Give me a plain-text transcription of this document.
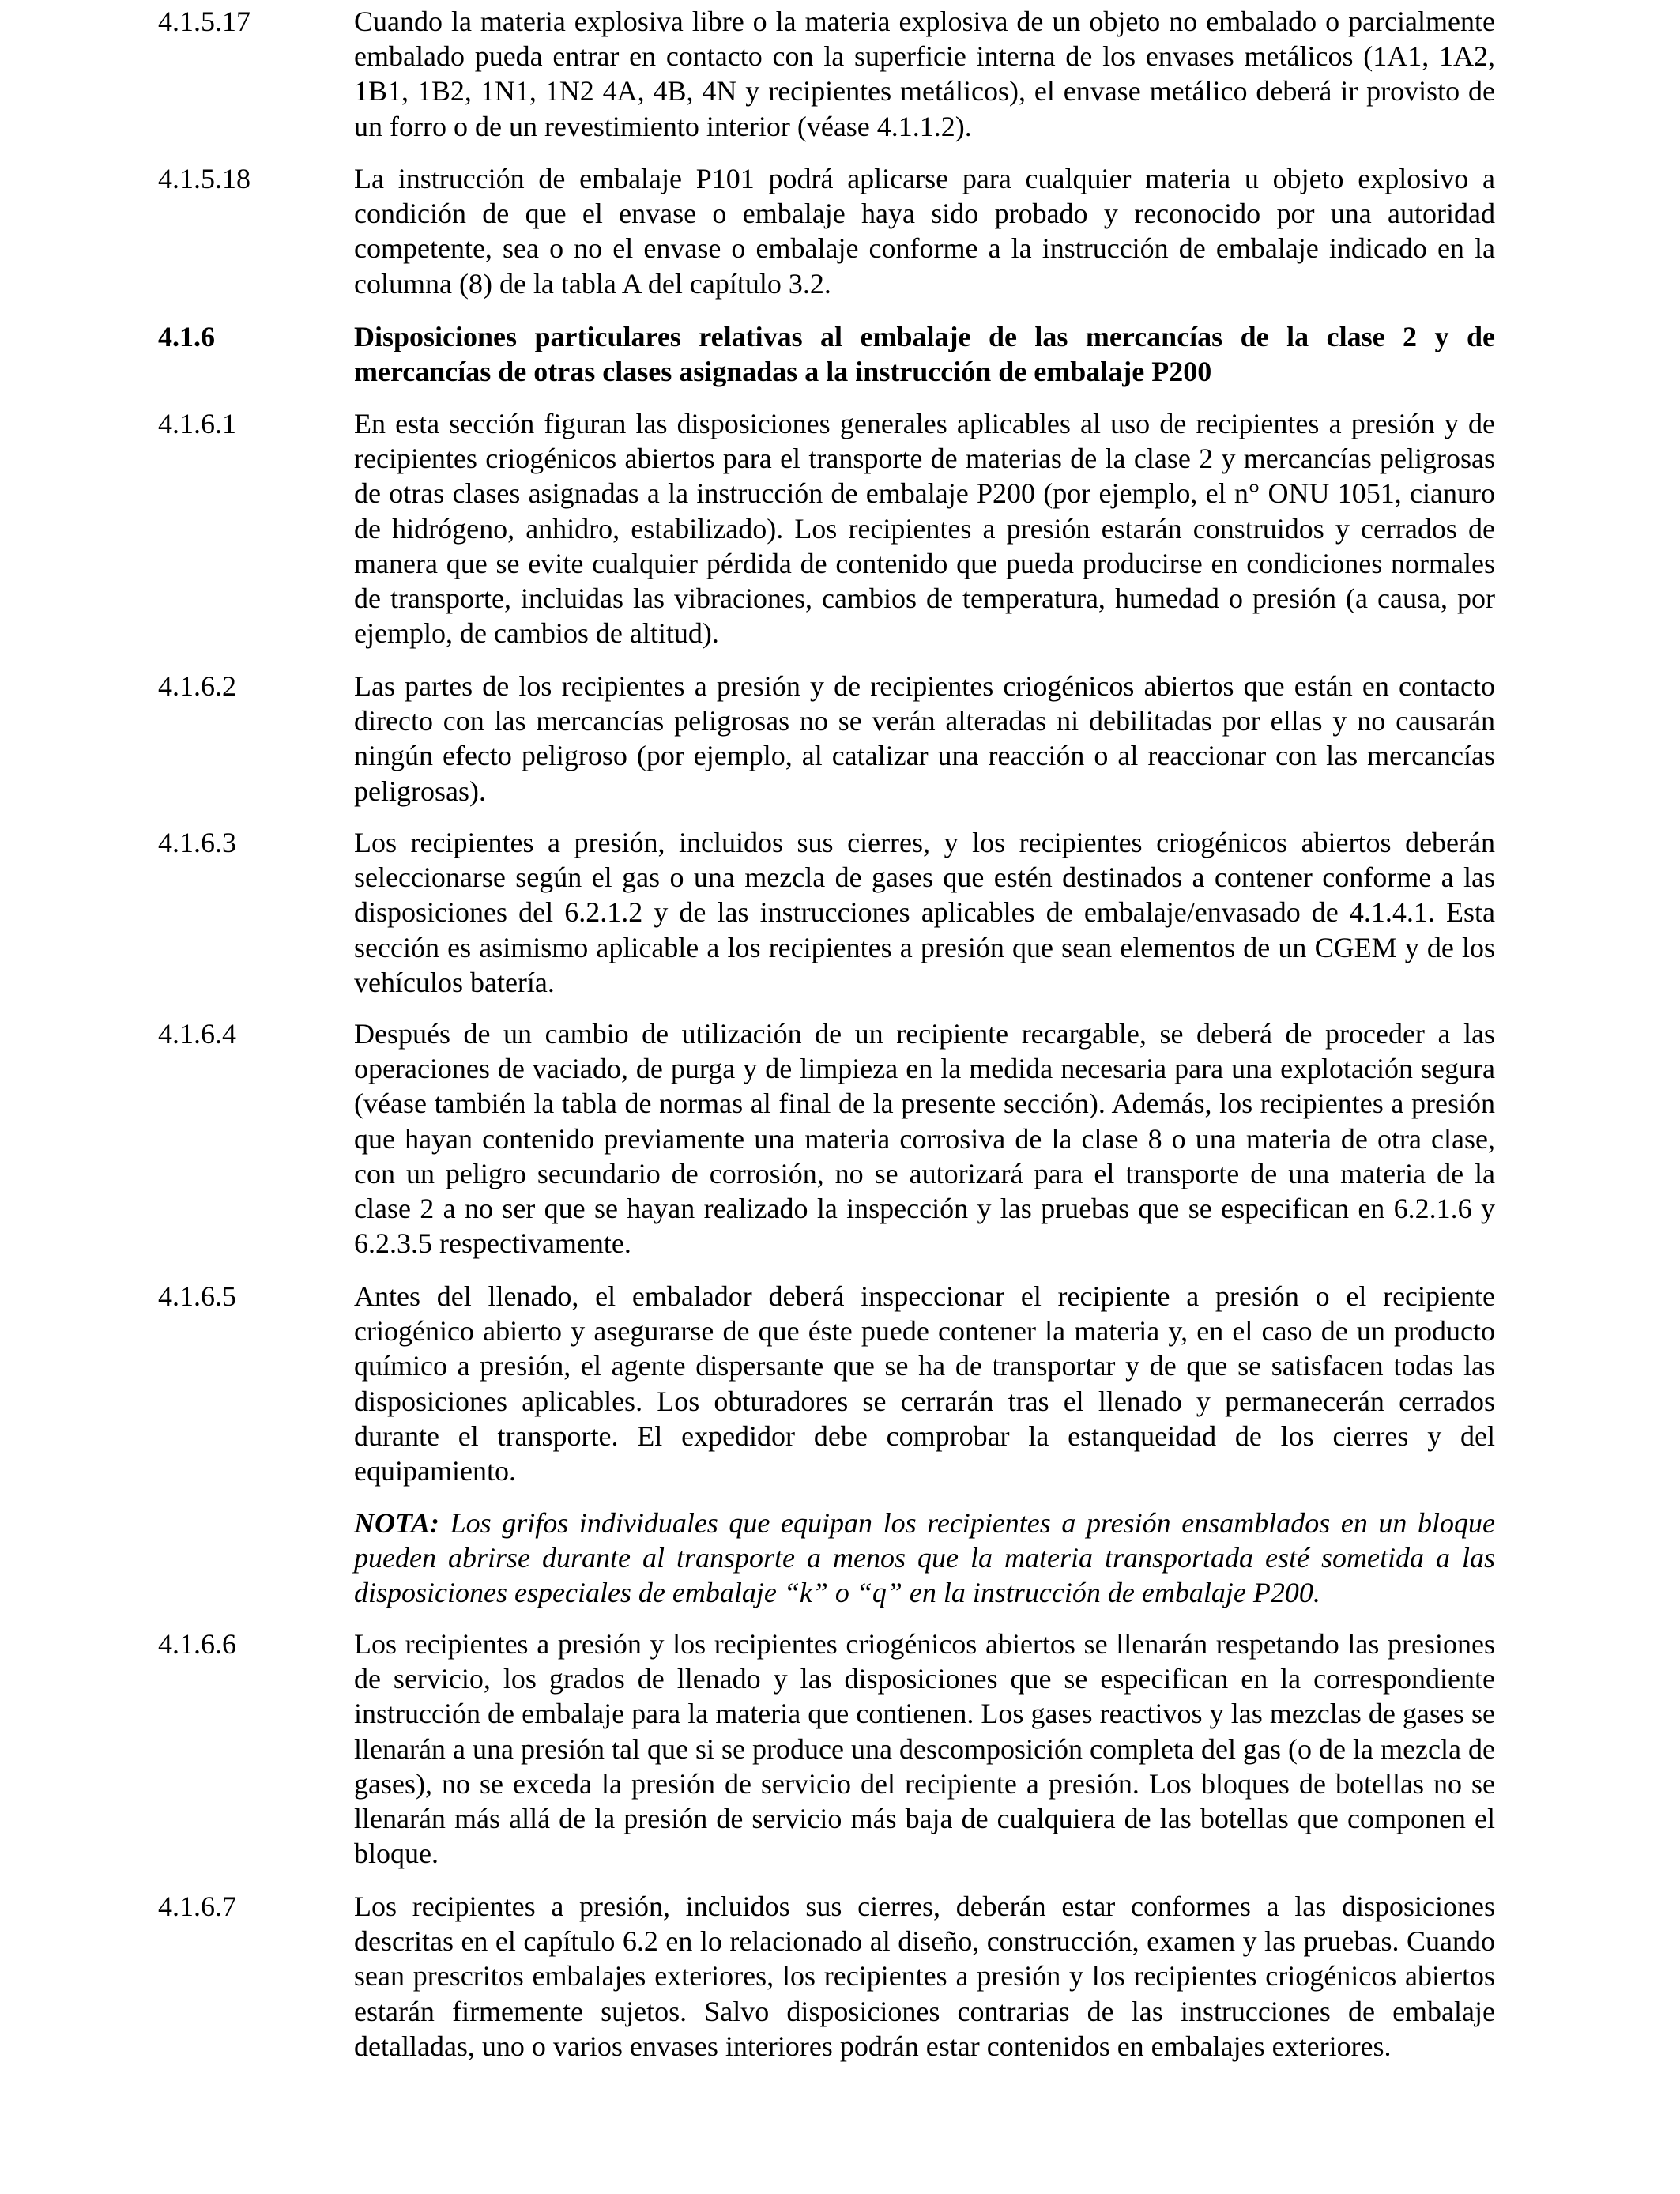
4.1.5.17	Cuando la materia explosiva libre o la materia explosiva de un objeto no embalado o parcialmente embalado pueda entrar en contacto con la superficie interna de los envases metálicos (1A1, 1A2, 1B1, 1B2, 1N1, 1N2 4A, 4B, 4N y recipientes metálicos), el envase metálico deberá ir provisto de un forro o de un revestimiento interior (véase 4.1.1.2).
4.1.5.18	La instrucción de embalaje P101 podrá aplicarse para cualquier materia u objeto explosivo a condición de que el envase o embalaje haya sido probado y reconocido por una autoridad competente, sea o no el envase o embalaje conforme a la instrucción de embalaje indicado en la columna (8) de la tabla A del capítulo 3.2.
4.1.6	Disposiciones particulares relativas al embalaje de las mercancías de la clase 2 y de mercancías de otras clases asignadas a la instrucción de embalaje P200
4.1.6.1	En esta sección figuran las disposiciones generales aplicables al uso de recipientes a presión y de recipientes criogénicos abiertos para el transporte de materias de la clase 2 y mercancías peligrosas de otras clases asignadas a la instrucción de embalaje P200 (por ejemplo, el n° ONU 1051, cianuro de hidrógeno, anhidro, estabilizado). Los recipientes a presión estarán construidos y cerrados de manera que se evite cualquier pérdida de contenido que pueda producirse en condiciones normales de transporte, incluidas las vibraciones, cambios de temperatura, humedad o presión (a causa, por ejemplo, de cambios de altitud).
4.1.6.2	Las partes de los recipientes a presión y de recipientes criogénicos abiertos que están en contacto directo con las mercancías peligrosas no se verán alteradas ni debilitadas por ellas y no causarán ningún efecto peligroso (por ejemplo, al catalizar una reacción o al reaccionar con las mercancías peligrosas).
4.1.6.3	Los recipientes a presión, incluidos sus cierres, y los recipientes criogénicos abiertos deberán seleccionarse según el gas o una mezcla de gases que estén destinados a contener conforme a las disposiciones del 6.2.1.2 y de las instrucciones aplicables de embalaje/envasado de 4.1.4.1. Esta sección es asimismo aplicable a los recipientes a presión que sean elementos de un CGEM y de los vehículos batería.
4.1.6.4	Después de un cambio de utilización de un recipiente recargable, se deberá de proceder a las operaciones de vaciado, de purga y de limpieza en la medida necesaria para una explotación segura (véase también la tabla de normas al final de la presente sección). Además, los recipientes a presión que hayan contenido previamente una materia corrosiva de la clase 8 o una materia de otra clase, con un peligro secundario de corrosión, no se autorizará para el transporte de una materia de la clase 2 a no ser que se hayan realizado la inspección y las pruebas que se especifican en 6.2.1.6 y 6.2.3.5 respectivamente.
4.1.6.5	Antes del llenado, el embalador deberá inspeccionar el recipiente a presión o el recipiente criogénico abierto y asegurarse de que éste puede contener la materia y, en el caso de un producto químico a presión, el agente dispersante que se ha de transportar y de que se satisfacen todas las disposiciones aplicables. Los obturadores se cerrarán tras el llenado y permanecerán cerrados durante el transporte. El expedidor debe comprobar la estanqueidad de los cierres y del equipamiento.
NOTA: Los grifos individuales que equipan los recipientes a presión ensamblados en un bloque pueden abrirse durante al transporte a menos que la materia transportada esté sometida a las disposiciones especiales de embalaje “k” o “q” en la instrucción de embalaje P200.
4.1.6.6	Los recipientes a presión y los recipientes criogénicos abiertos se llenarán respetando las presiones de servicio, los grados de llenado y las disposiciones que se especifican en la correspondiente instrucción de embalaje para la materia que contienen. Los gases reactivos y las mezclas de gases se llenarán a una presión tal que si se produce una descomposición completa del gas (o de la mezcla de gases), no se exceda la presión de servicio del recipiente a presión. Los bloques de botellas no se llenarán más allá de la presión de servicio más baja de cualquiera de las botellas que componen el bloque.
4.1.6.7	Los recipientes a presión, incluidos sus cierres, deberán estar conformes a las disposiciones descritas en el capítulo 6.2 en lo relacionado al diseño, construcción, examen y las pruebas. Cuando sean prescritos embalajes exteriores, los recipientes a presión y los recipientes criogénicos abiertos estarán firmemente sujetos. Salvo disposiciones contrarias de las instrucciones de embalaje detalladas, uno o varios envases interiores podrán estar contenidos en embalajes exteriores.
